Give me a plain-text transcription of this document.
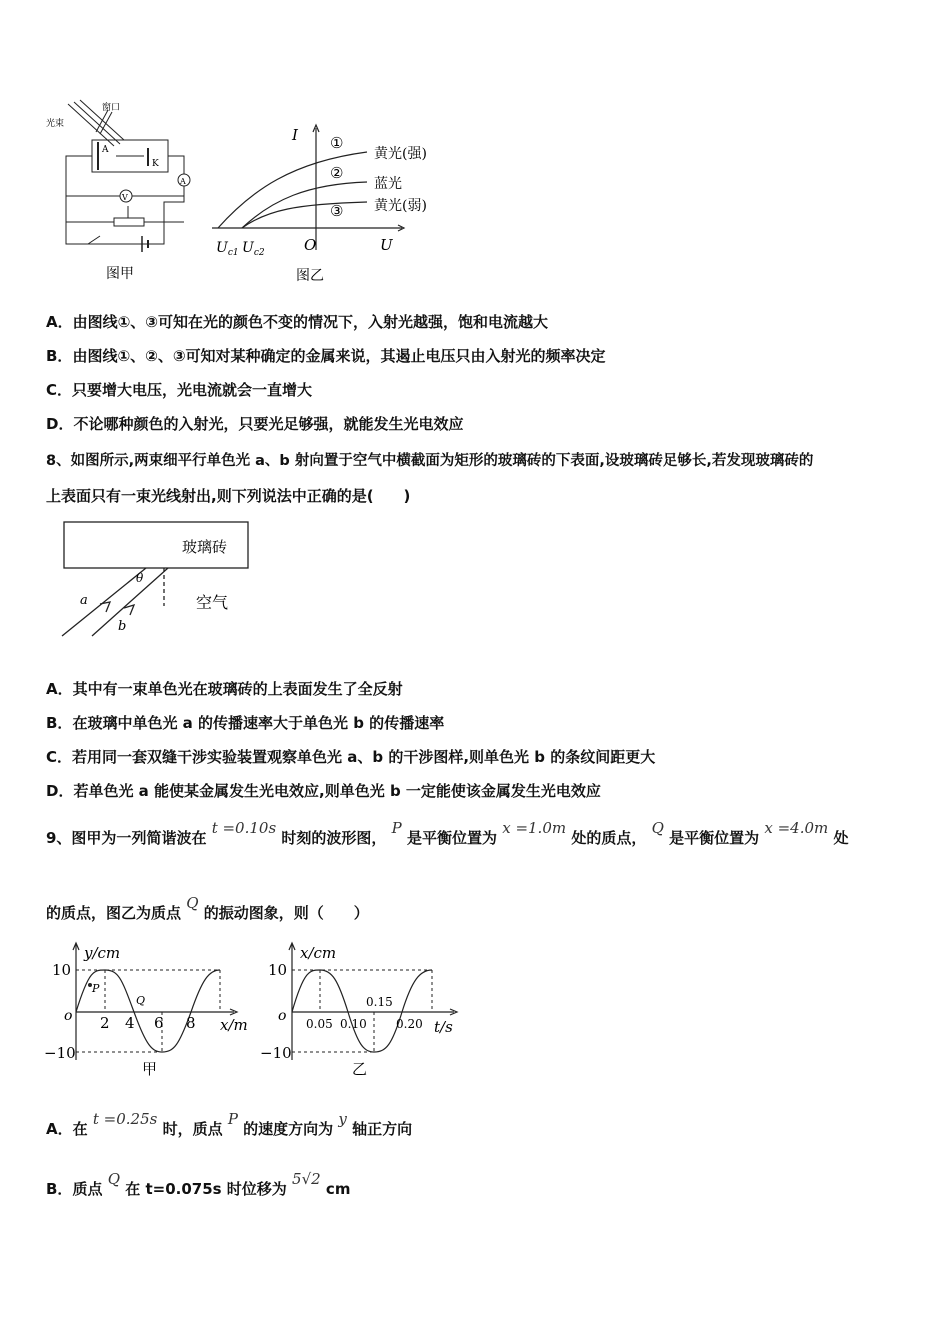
光束
窗口
A
K
A
V
图甲
I
U
O
$U_{c1}$ $U_{c2}$
①
②
③
黄光(强)
蓝光
黄光(弱)
图乙
A．由图线①、③可知在光的颜色不变的情况下，入射光越强，饱和电流越大
B．由图线①、②、③可知对某种确定的金属来说，其遏止电压只由入射光的频率决定
C．只要增大电压，光电流就会一直增大
D．不论哪种颜色的入射光，只要光足够强，就能发生光电效应
8、如图所示,两束细平行单色光 a、b 射向置于空气中横截面为矩形的玻璃砖的下表面,设玻璃砖足够长,若发现玻璃砖的
上表面只有一束光线射出,则下列说法中正确的是(　　)
玻璃砖
空气
θ
a
b
A．其中有一束单色光在玻璃砖的上表面发生了全反射
B．在玻璃中单色光 a 的传播速率大于单色光 b 的传播速率
C．若用同一套双缝干涉实验装置观察单色光 a、b 的干涉图样,则单色光 b 的条纹间距更大
D．若单色光 a 能使某金属发生光电效应,则单色光 b 一定能使该金属发生光电效应
9、图甲为一列简谐波在 t =0.10s 时刻的波形图， P 是平衡位置为 x =1.0m 处的质点， Q 是平衡位置为 x =4.0m 处
的质点，图乙为质点 Q 的振动图象，则（　　）
y/cm
x/m
10
−10
o 2 4 6 8
P
Q
甲
x/cm
t/s
10
−10
o 0.05 0.10
0.15
0.20
乙
A．在 t =0.25s 时，质点 P 的速度方向为 y 轴正方向
B．质点 Q 在 t=0.075s 时位移为 5√2 cm
